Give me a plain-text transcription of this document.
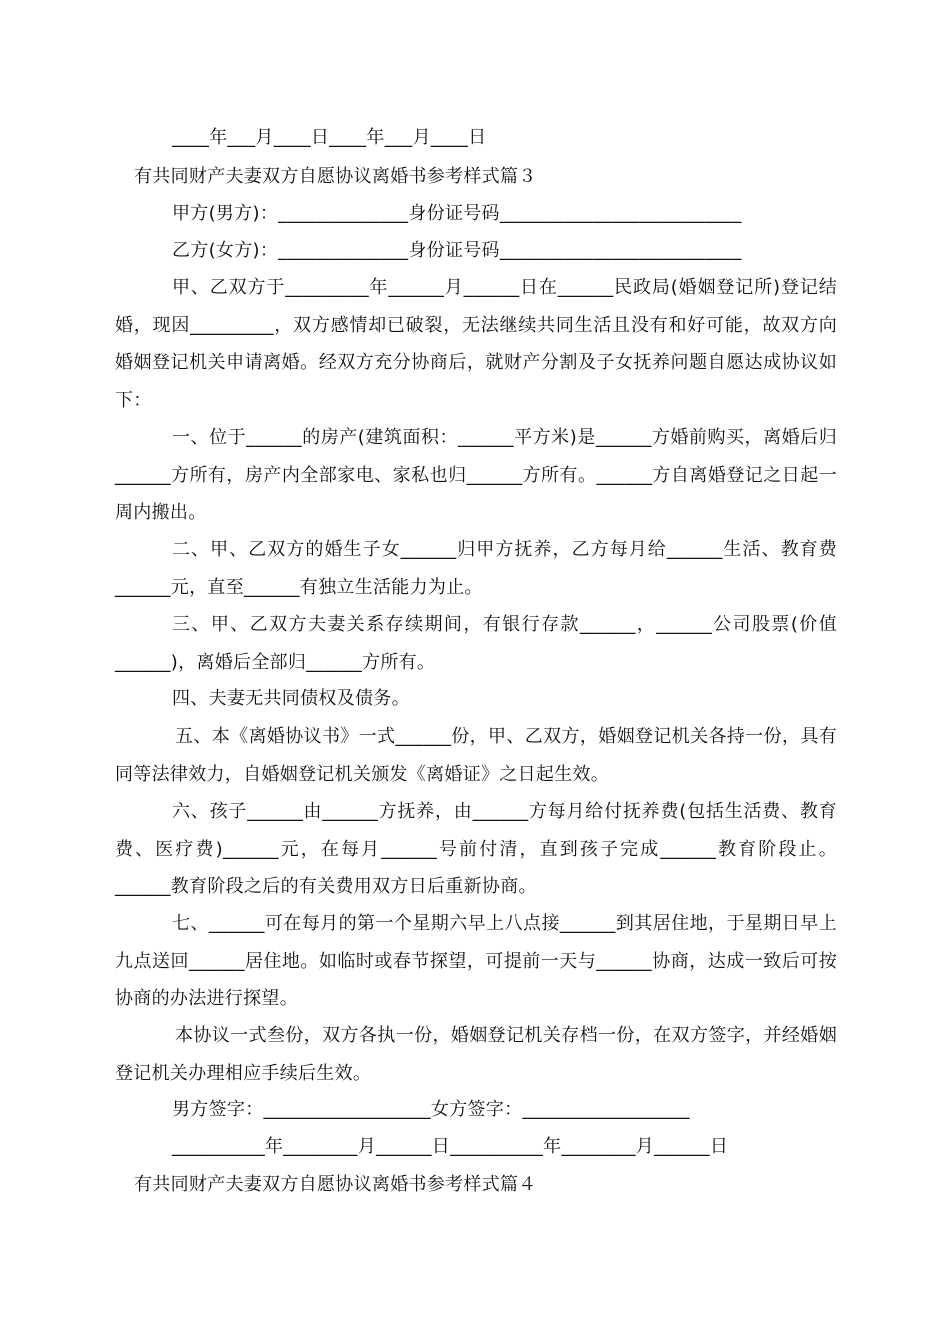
____年___月____日____年___月____日
有共同财产夫妻双方自愿协议离婚书参考样式篇３
甲方(男方)：______________身份证号码__________________________
乙方(女方)：______________身份证号码__________________________
甲、乙双方于_________年______月______日在______民政局(婚姻登记所)登记结婚，现因_________，双方感情却已破裂，无法继续共同生活且没有和好可能，故双方向婚姻登记机关申请离婚。经双方充分协商后，就财产分割及子女抚养问题自愿达成协议如下：
一、位于______的房产(建筑面积：______平方米)是______方婚前购买，离婚后归______方所有，房产内全部家电、家私也归______方所有。______方自离婚登记之日起一周内搬出。
二、甲、乙双方的婚生子女______归甲方抚养，乙方每月给______生活、教育费______元，直至______有独立生活能力为止。
三、甲、乙双方夫妻关系存续期间，有银行存款______，______公司股票(价值______)，离婚后全部归______方所有。
四、夫妻无共同债权及债务。
五、本《离婚协议书》一式______份，甲、乙双方，婚姻登记机关各持一份，具有同等法律效力，自婚姻登记机关颁发《离婚证》之日起生效。
六、孩子______由______方抚养，由______方每月给付抚养费(包括生活费、教育费、医疗费)______元，在每月______号前付清，直到孩子完成______教育阶段止。______教育阶段之后的有关费用双方日后重新协商。
七、______可在每月的第一个星期六早上八点接______到其居住地，于星期日早上九点送回______居住地。如临时或春节探望，可提前一天与______协商，达成一致后可按协商的办法进行探望。
本协议一式叁份，双方各执一份，婚姻登记机关存档一份，在双方签字，并经婚姻登记机关办理相应手续后生效。
男方签字：__________________女方签字：__________________
__________年________月______日__________年________月______日
有共同财产夫妻双方自愿协议离婚书参考样式篇４
